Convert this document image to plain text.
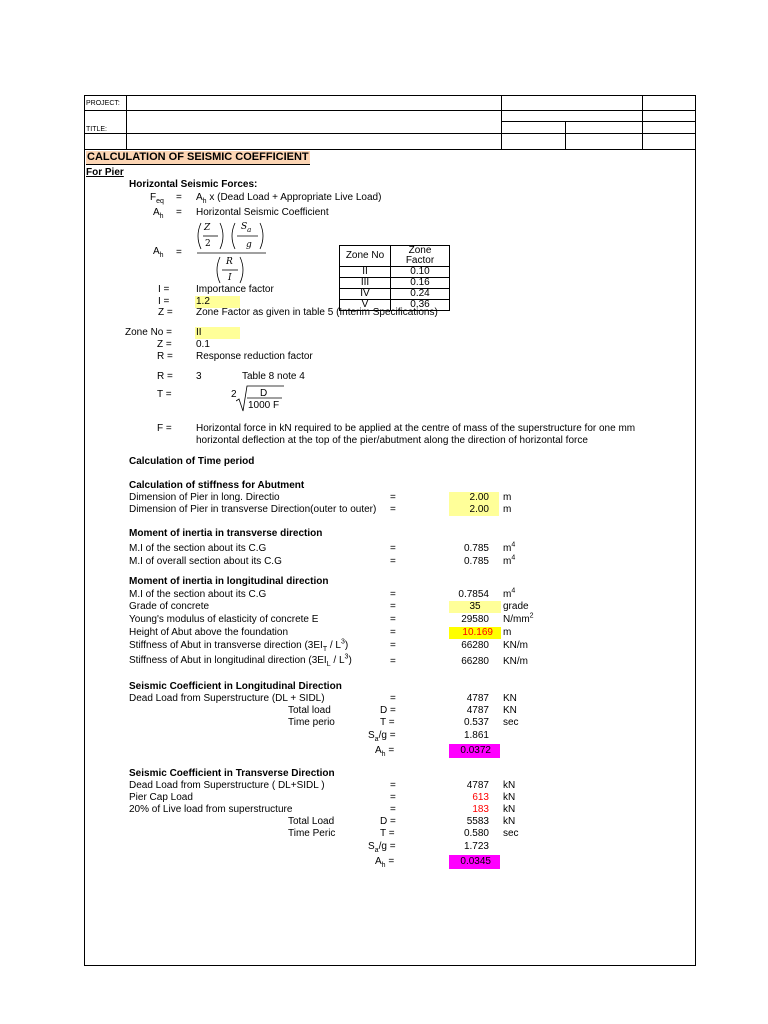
PROJECT:
TITLE:
CALCULATION OF SEISMIC COEFFICIENT
For Pier
Horizontal Seismic Forces:
$F_{eq} = A_h$ x (Dead Load + Appropriate Live Load)
$A_h$ = Horizontal Seismic Coefficient
$A_h$ =
Z
2
$S_a$
g
R
I
Zone No	Zone Factor
II	0.10
III	0.16
IV	0.24
V	0.36
I =	Importance factor
I =	1.2
Z = Zone Factor as given in table 5 (Interim Specifications)
Zone No = II
Z = 0.1
R = Response reduction factor
R = 3	Table 8 note 4
T =	2 D
1000 F
F = Horizontal force in kN required to be applied at the centre of mass of the superstructure for one mm
horizontal deflection at the top of the pier/abutment along the direction of horizontal force
Calculation of Time period
Calculation of stiffness for Abutment
Dimension of Pier in long. Directio	=	2.00	m
Dimension of Pier in transverse Direction(outer to outer) =	2.00	m
Moment of inertia in transverse direction
M.I of the section about its C.G	=	0.785 $m^4$
M.I of overall section about its C.G	=	0.785 $m^4$
Moment of inertia in longitudinal direction
M.I of the section about its C.G	=	0.7854 $m^4$
Grade of concrete	=	35	grade
Young's modulus of elasticity of concrete E	=	29580 $N/mm^2$
Height of Abut above the foundation	=	10.169	m
Stiffness of Abut in transverse direction $(3EI_T / L^3)$	=	66280 KN/m
Stiffness of Abut in longitudinal direction $(3EI_L / L^3)$	=	66280 KN/m
Seismic Coefficient in Longitudinal Direction
Dead Load from Superstructure (DL + SIDL)	=	4787 KN
Total load	D =	4787 KN
Time perio	T =	0.537 sec
$S_a/g$ =	1.861
$A_h$ =	0.0372
Seismic Coefficient in Transverse Direction
Dead Load from Superstructure ( DL+SIDL )	=	4787 kN
Pier Cap Load	=	613 kN
20% of Live load from superstructure	=	183 kN
Total Load	D =	5583 kN
Time Peric	T =	0.580 sec
$S_a/g$ =	1.723
$A_h$ =	0.0345
